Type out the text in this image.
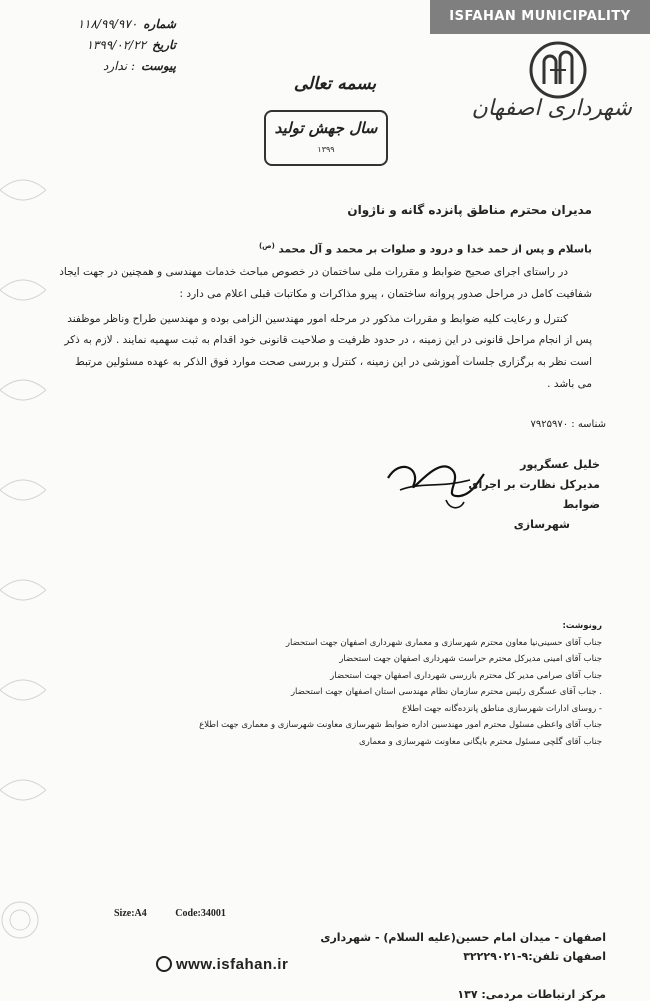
ISFAHAN MUNICIPALITY
شهرداری اصفهان
شماره
۱۱۸/۹۹/۹۷۰
تاریخ
۱۳۹۹/۰۲/۲۲
پیوست
: ندارد
بسمه تعالی
سال جهش تولید
۱۳۹۹
مدیران محترم مناطق پانزده گانه و ناژوان
باسلام و پس از حمد خدا و درود و صلوات بر محمد و آل محمد $^{(ص)}$

در راستای اجرای صحیح ضوابط و مقررات ملی ساختمان در خصوص مباحث خدمات مهندسی و همچنین در جهت ایجاد شفافیت کامل در مراحل صدور پروانه ساختمان ، پیرو مذاکرات و مکاتبات قبلی اعلام می دارد :

کنترل و رعایت کلیه ضوابط و مقررات مذکور در مرحله امور مهندسین الزامی بوده و مهندسین طراح وناظر موظفند پس از انجام مراحل قانونی در این زمینه ، در حدود ظرفیت و صلاحیت قانونی خود اقدام به ثبت سهمیه نمایند . لازم به ذکر است نظر به برگزاری جلسات آموزشی در این زمینه ، کنترل و بررسی صحت موارد فوق الذکر به عهده مسئولین مرتبط می باشد .

شناسه : ۷۹۲۵۹۷۰
خلیل عسگرپور
مدیرکل نظارت بر اجرای ضوابط
شهرسازی
رونوشت:
جناب آقای حسینی‌نیا معاون محترم شهرسازی و معماری شهرداری اصفهان جهت استحضار
جناب آقای امینی مدیرکل محترم حراست شهرداری اصفهان جهت استحضار
جناب آقای صرامی مدیر کل محترم بازرسی شهرداری اصفهان جهت استحضار
. جناب آقای عسگری رئیس محترم سازمان نظام مهندسی استان اصفهان جهت استحضار
- روسای ادارات شهرسازی مناطق پانزده‌گانه جهت اطلاع
جناب آقای واعظی مسئول محترم امور مهندسین اداره ضوابط شهرسازی معاونت شهرسازی و معماری جهت اطلاع
جناب آقای گلچی مسئول محترم بایگانی معاونت شهرسازی و معماری
Size:A4	Code:34001
اصفهان - میدان امام حسین(علیه السلام) - شهرداری اصفهان تلفن:۹-۳۲۲۲۹۰۲۱
مرکز ارتباطات مردمی: ۱۳۷
www.isfahan.ir
